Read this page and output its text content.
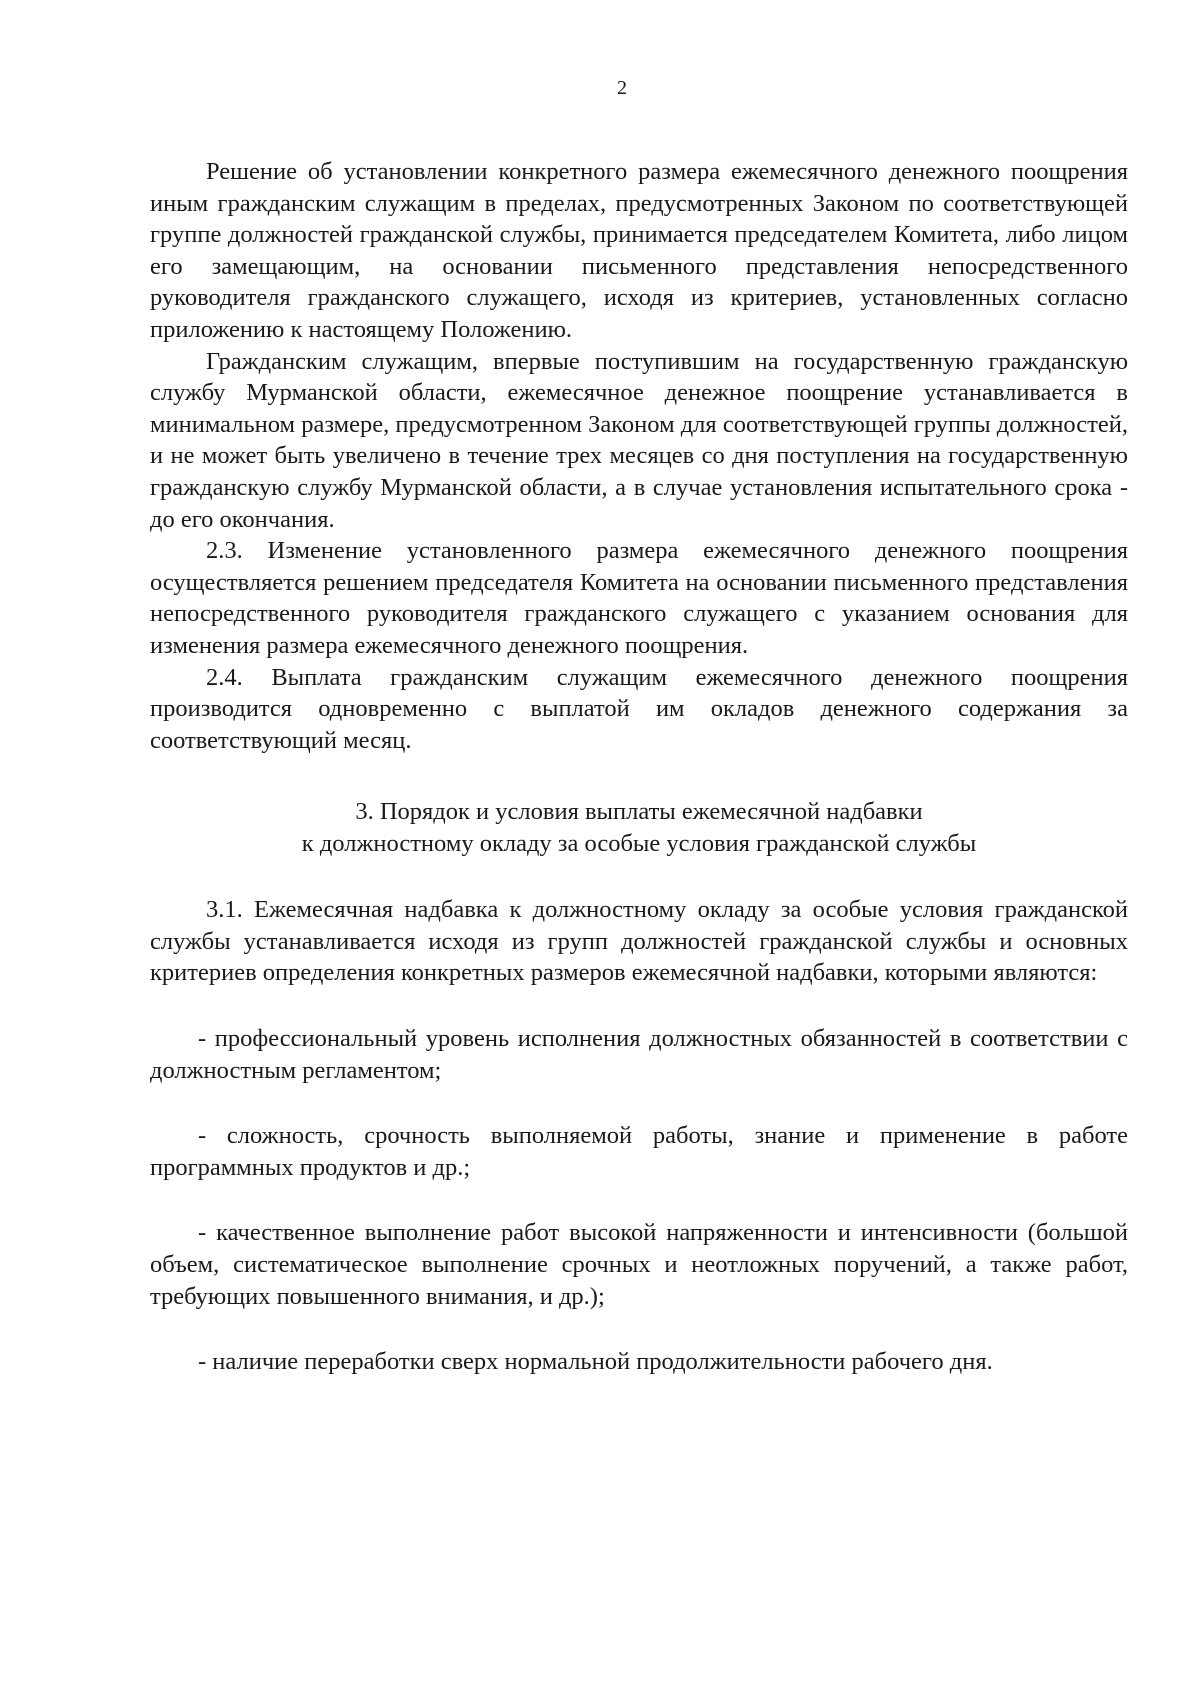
2

Решение об установлении конкретного размера ежемесячного денежного поощрения иным гражданским служащим в пределах, предусмотренных Законом по соответствующей группе должностей гражданской службы, принимается председателем Комитета, либо лицом его замещающим, на основании письменного представления непосредственного руководителя гражданского служащего, исходя из критериев, установленных согласно приложению к настоящему Положению.

Гражданским служащим, впервые поступившим на государственную гражданскую службу Мурманской области, ежемесячное денежное поощрение устанавливается в минимальном размере, предусмотренном Законом для соответствующей группы должностей, и не может быть увеличено в течение трех месяцев со дня поступления на государственную гражданскую службу Мурманской области, а в случае установления испытательного срока - до его окончания.

2.3. Изменение установленного размера ежемесячного денежного поощрения осуществляется решением председателя Комитета на основании письменного представления непосредственного руководителя гражданского служащего с указанием основания для изменения размера ежемесячного денежного поощрения.

2.4. Выплата гражданским служащим ежемесячного денежного поощрения производится одновременно с выплатой им окладов денежного содержания за соответствующий месяц.

3. Порядок и условия выплаты ежемесячной надбавки
к должностному окладу за особые условия гражданской службы

3.1. Ежемесячная надбавка к должностному окладу за особые условия гражданской службы устанавливается исходя из групп должностей гражданской службы и основных критериев определения конкретных размеров ежемесячной надбавки, которыми являются:

- профессиональный уровень исполнения должностных обязанностей в соответствии с должностным регламентом;

- сложность, срочность выполняемой работы, знание и применение в работе программных продуктов и др.;

- качественное выполнение работ высокой напряженности и интенсивности (большой объем, систематическое выполнение срочных и неотложных поручений, а также работ, требующих повышенного внимания, и др.);

- наличие переработки сверх нормальной продолжительности рабочего дня.
